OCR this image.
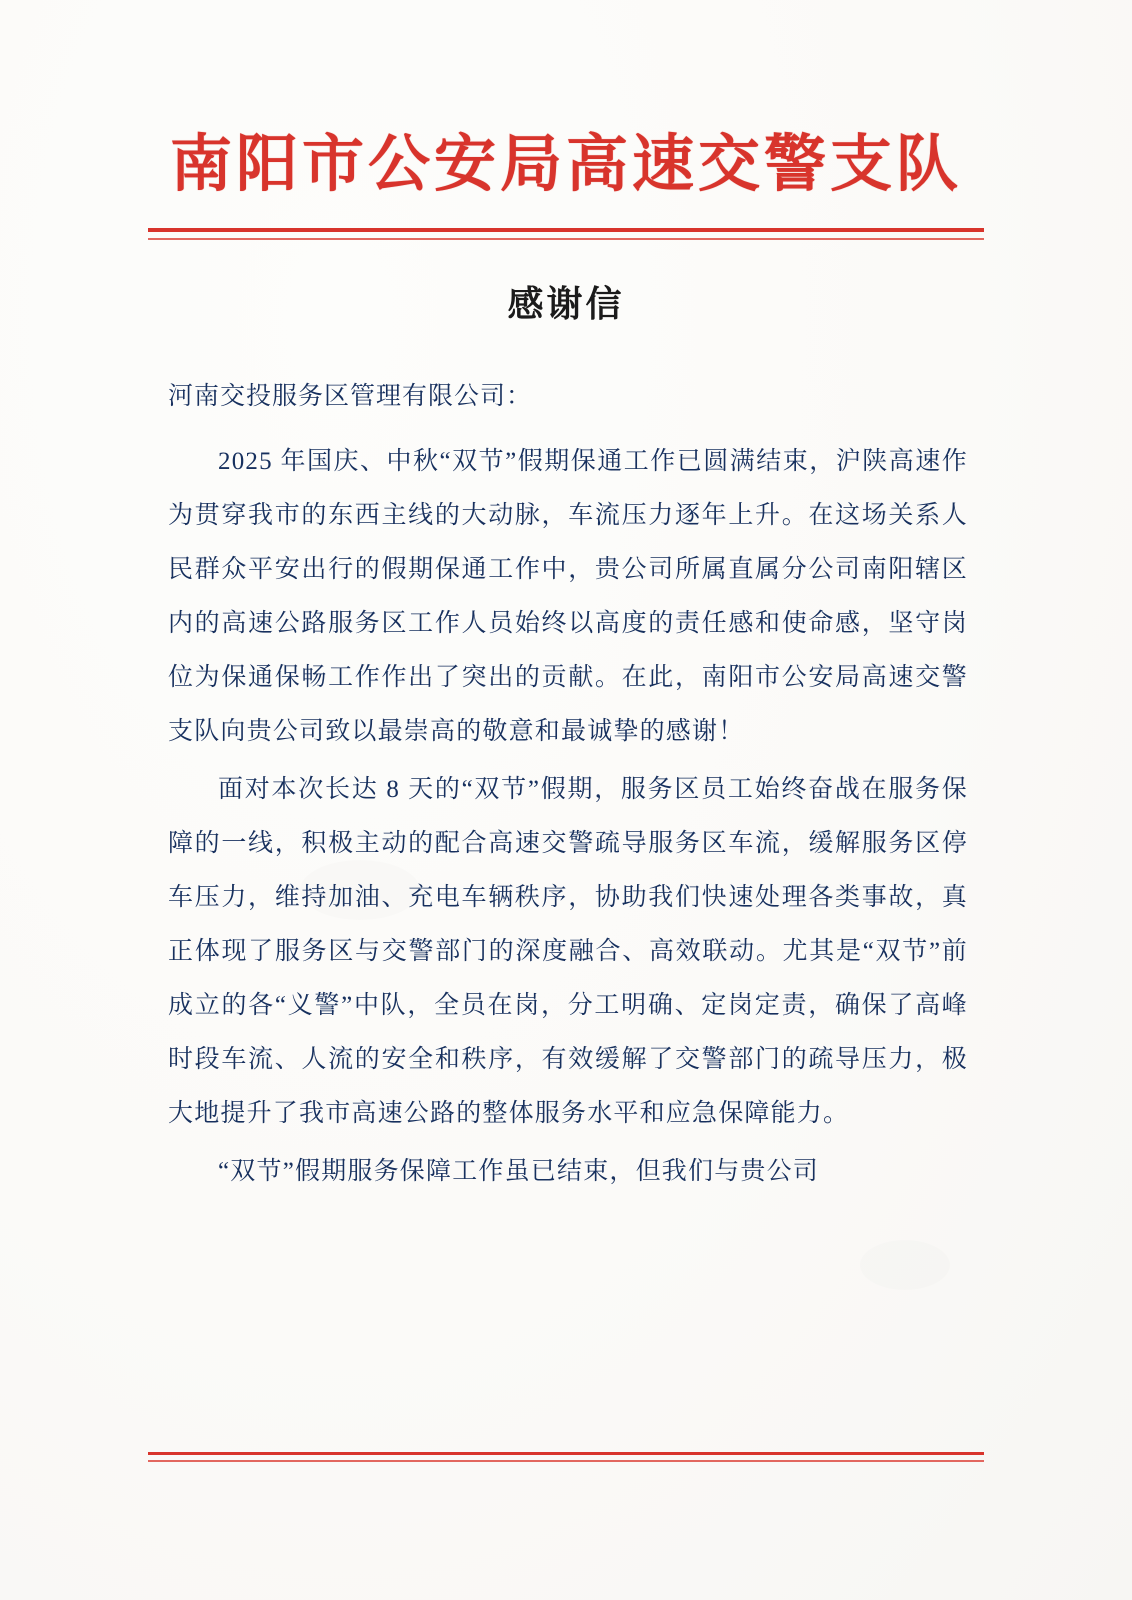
南阳市公安局高速交警支队
感谢信
河南交投服务区管理有限公司：

2025 年国庆、中秋“双节”假期保通工作已圆满结束，沪陕高速作为贯穿我市的东西主线的大动脉，车流压力逐年上升。在这场关系人民群众平安出行的假期保通工作中，贵公司所属直属分公司南阳辖区内的高速公路服务区工作人员始终以高度的责任感和使命感，坚守岗位为保通保畅工作作出了突出的贡献。在此，南阳市公安局高速交警支队向贵公司致以最崇高的敬意和最诚挚的感谢！

面对本次长达 8 天的“双节”假期，服务区员工始终奋战在服务保障的一线，积极主动的配合高速交警疏导服务区车流，缓解服务区停车压力，维持加油、充电车辆秩序，协助我们快速处理各类事故，真正体现了服务区与交警部门的深度融合、高效联动。尤其是“双节”前成立的各“义警”中队，全员在岗，分工明确、定岗定责，确保了高峰时段车流、人流的安全和秩序，有效缓解了交警部门的疏导压力，极大地提升了我市高速公路的整体服务水平和应急保障能力。

“双节”假期服务保障工作虽已结束，但我们与贵公司
